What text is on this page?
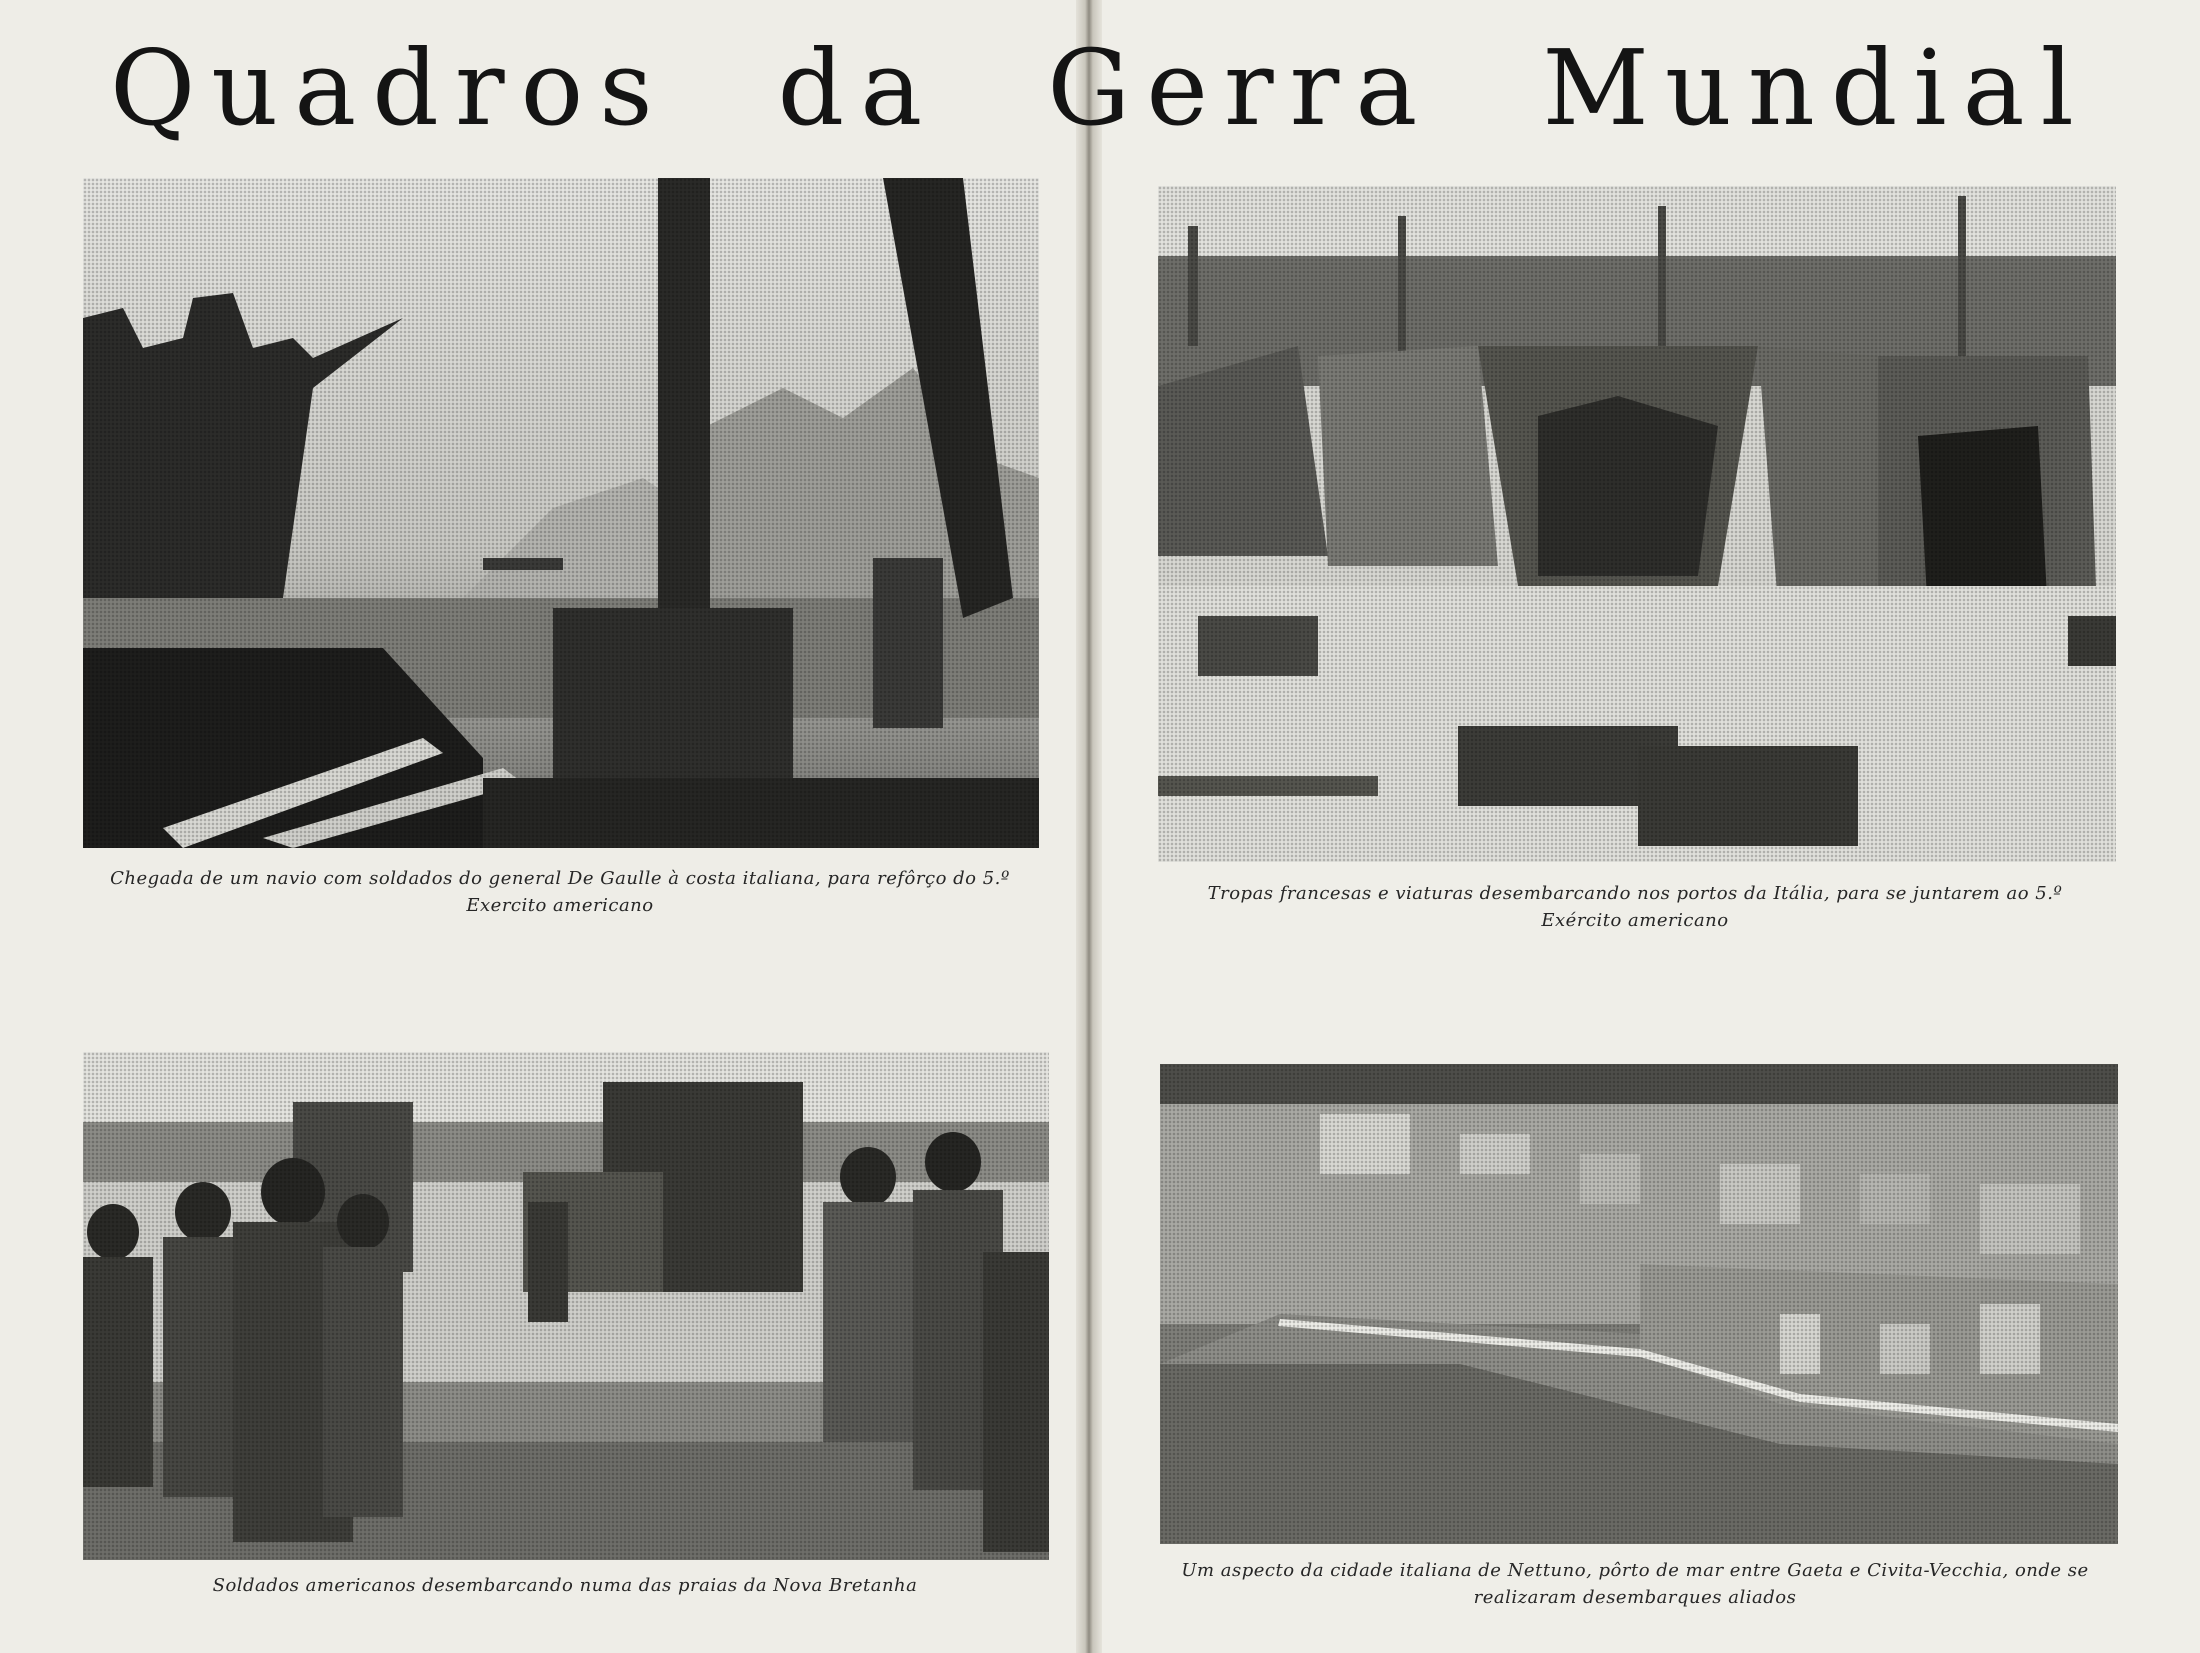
Quadros da Gerra Mundial
Chegada de um navio com soldados do general De Gaulle à costa italiana, para refôrço do 5.º Exercito americano
Tropas francesas e viaturas desembarcando nos portos da Itália, para se juntarem ao 5.º Exército americano
Soldados americanos desembarcando numa das praias da Nova Bretanha
Um aspecto da cidade italiana de Nettuno, pôrto de mar entre Gaeta e Civita-Vecchia, onde se realizaram desembarques aliados
